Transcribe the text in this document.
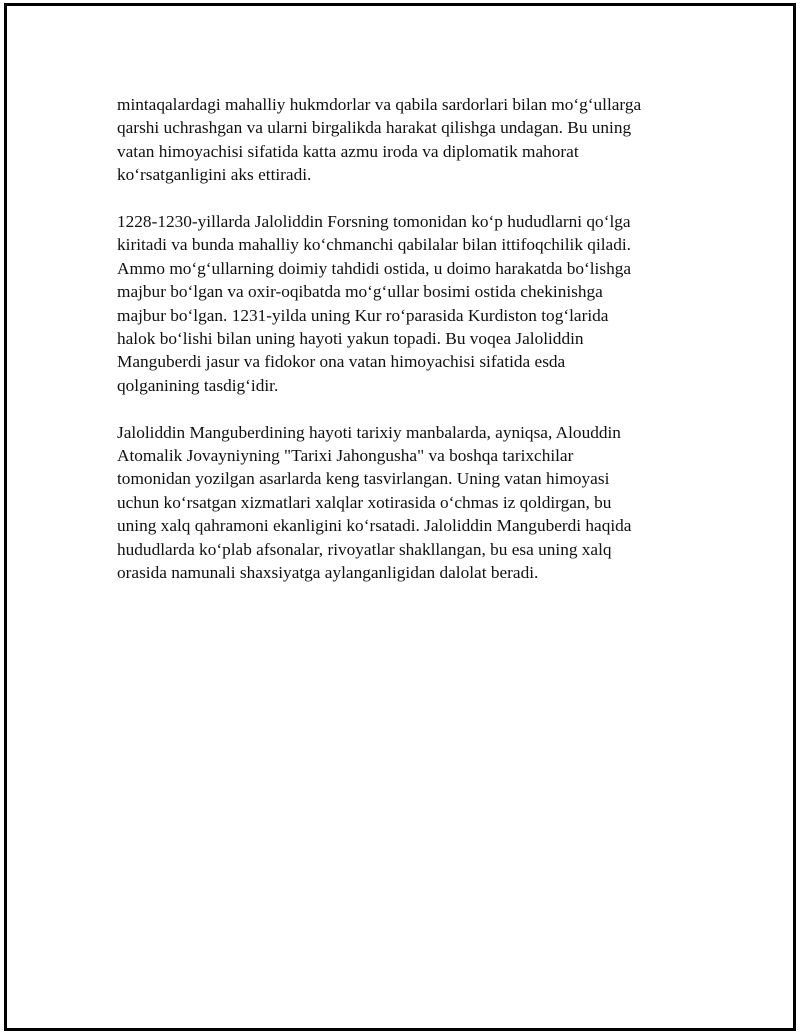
mintaqalardagi mahalliy hukmdorlar va qabila sardorlari bilan mo‘g‘ullarga
qarshi uchrashgan va ularni birgalikda harakat qilishga undagan. Bu uning
vatan himoyachisi sifatida katta azmu iroda va diplomatik mahorat
ko‘rsatganligini aks ettiradi.

1228-1230-yillarda Jaloliddin Forsning tomonidan ko‘p hududlarni qo‘lga
kiritadi va bunda mahalliy ko‘chmanchi qabilalar bilan ittifoqchilik qiladi.
Ammo mo‘g‘ullarning doimiy tahdidi ostida, u doimo harakatda bo‘lishga
majbur bo‘lgan va oxir-oqibatda mo‘g‘ullar bosimi ostida chekinishga
majbur bo‘lgan. 1231-yilda uning Kur ro‘parasida Kurdiston tog‘larida
halok bo‘lishi bilan uning hayoti yakun topadi. Bu voqea Jaloliddin
Manguberdi jasur va fidokor ona vatan himoyachisi sifatida esda
qolganining tasdig‘idir.

Jaloliddin Manguberdining hayoti tarixiy manbalarda, ayniqsa, Alouddin
Atomalik Jovayniyning "Tarixi Jahongusha" va boshqa tarixchilar
tomonidan yozilgan asarlarda keng tasvirlangan. Uning vatan himoyasi
uchun ko‘rsatgan xizmatlari xalqlar xotirasida o‘chmas iz qoldirgan, bu
uning xalq qahramoni ekanligini ko‘rsatadi. Jaloliddin Manguberdi haqida
hududlarda ko‘plab afsonalar, rivoyatlar shakllangan, bu esa uning xalq
orasida namunali shaxsiyatga aylanganligidan dalolat beradi.
